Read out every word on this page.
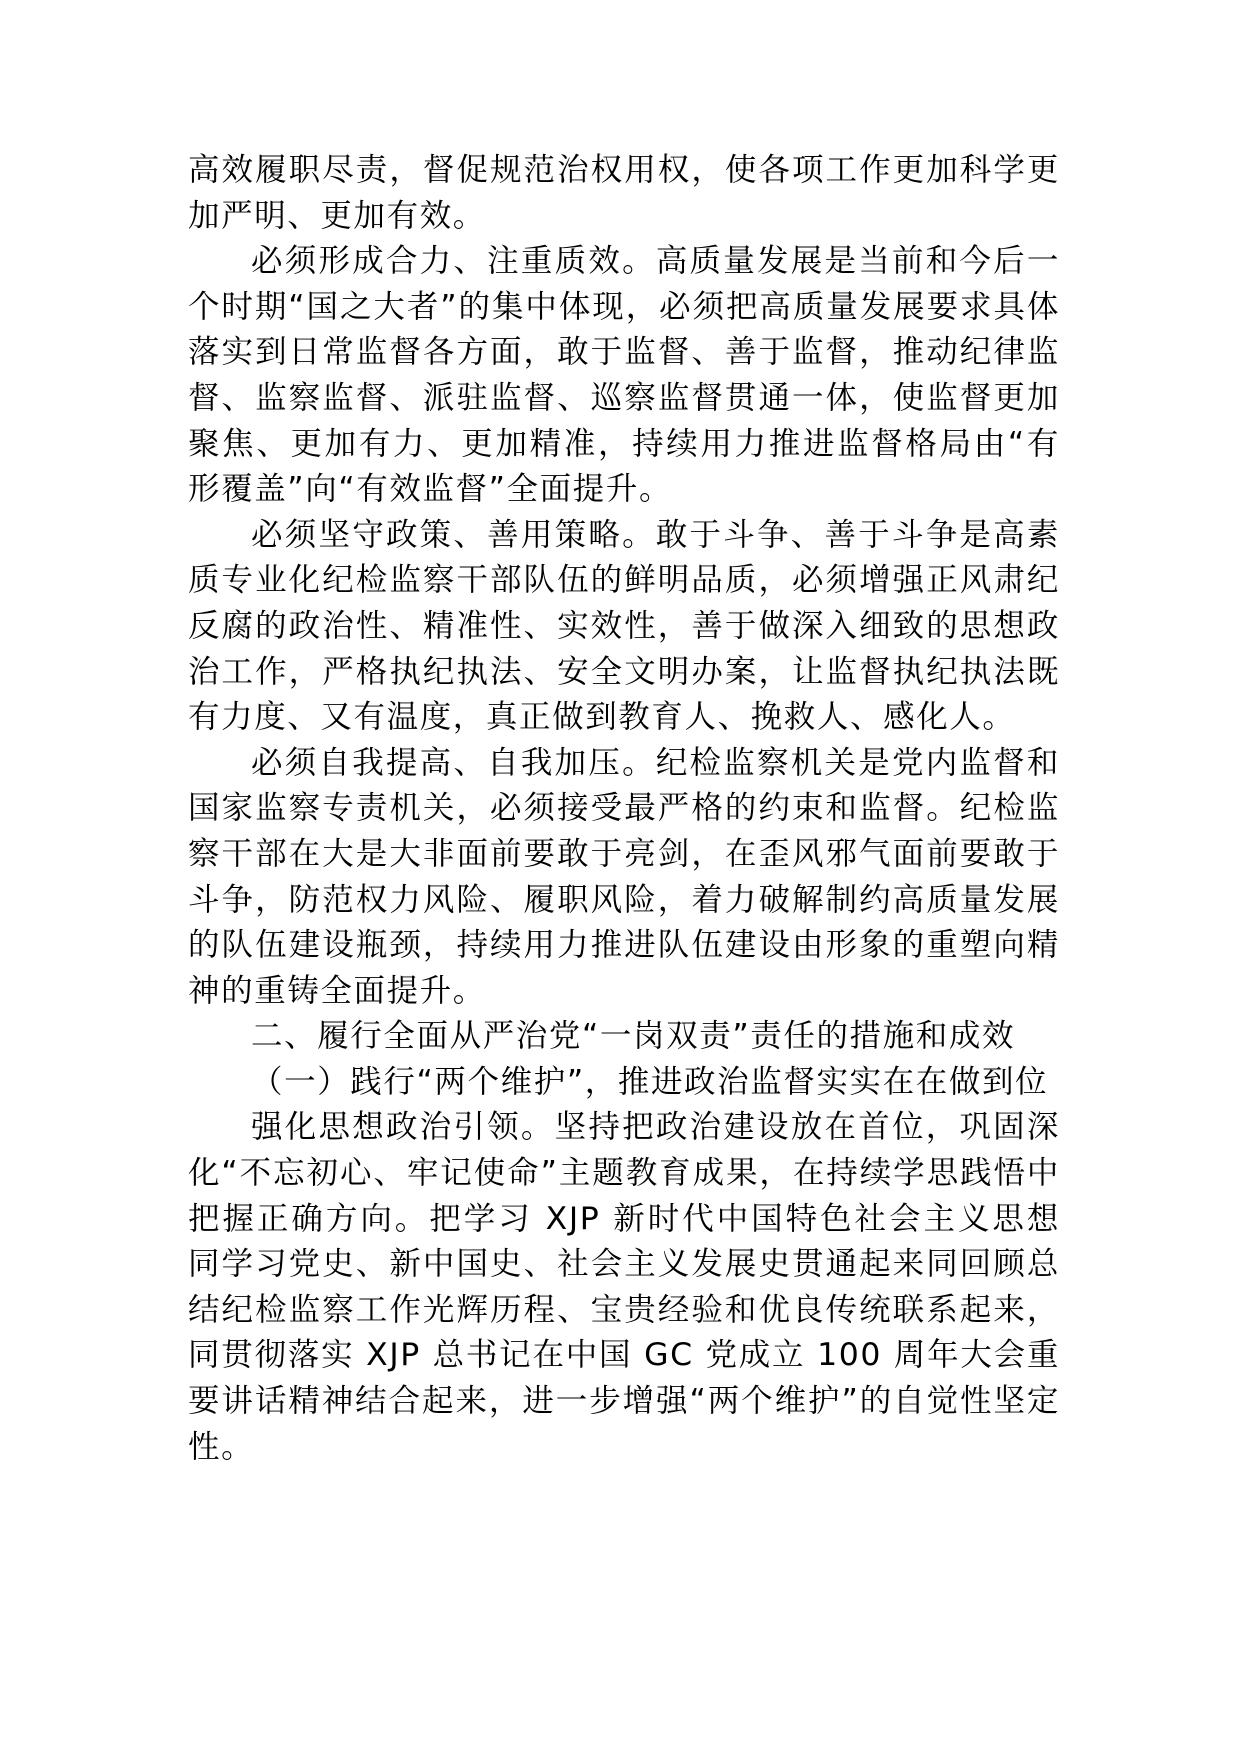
高效履职尽责，督促规范治权用权，使各项工作更加科学更加严明、更加有效。

必须形成合力、注重质效。高质量发展是当前和今后一个时期“国之大者”的集中体现，必须把高质量发展要求具体落实到日常监督各方面，敢于监督、善于监督，推动纪律监督、监察监督、派驻监督、巡察监督贯通一体，使监督更加聚焦、更加有力、更加精准，持续用力推进监督格局由“有形覆盖”向“有效监督”全面提升。

必须坚守政策、善用策略。敢于斗争、善于斗争是高素质专业化纪检监察干部队伍的鲜明品质，必须增强正风肃纪反腐的政治性、精准性、实效性，善于做深入细致的思想政治工作，严格执纪执法、安全文明办案，让监督执纪执法既有力度、又有温度，真正做到教育人、挽救人、感化人。

必须自我提高、自我加压。纪检监察机关是党内监督和国家监察专责机关，必须接受最严格的约束和监督。纪检监察干部在大是大非面前要敢于亮剑，在歪风邪气面前要敢于斗争，防范权力风险、履职风险，着力破解制约高质量发展的队伍建设瓶颈，持续用力推进队伍建设由形象的重塑向精神的重铸全面提升。

二、履行全面从严治党“一岗双责”责任的措施和成效

（一）践行“两个维护”，推进政治监督实实在在做到位

强化思想政治引领。坚持把政治建设放在首位，巩固深化“不忘初心、牢记使命”主题教育成果，在持续学思践悟中把握正确方向。把学习 XJP 新时代中国特色社会主义思想同学习党史、新中国史、社会主义发展史贯通起来同回顾总结纪检监察工作光辉历程、宝贵经验和优良传统联系起来，同贯彻落实 XJP 总书记在中国 GC 党成立 100 周年大会重要讲话精神结合起来，进一步增强“两个维护”的自觉性坚定性。
